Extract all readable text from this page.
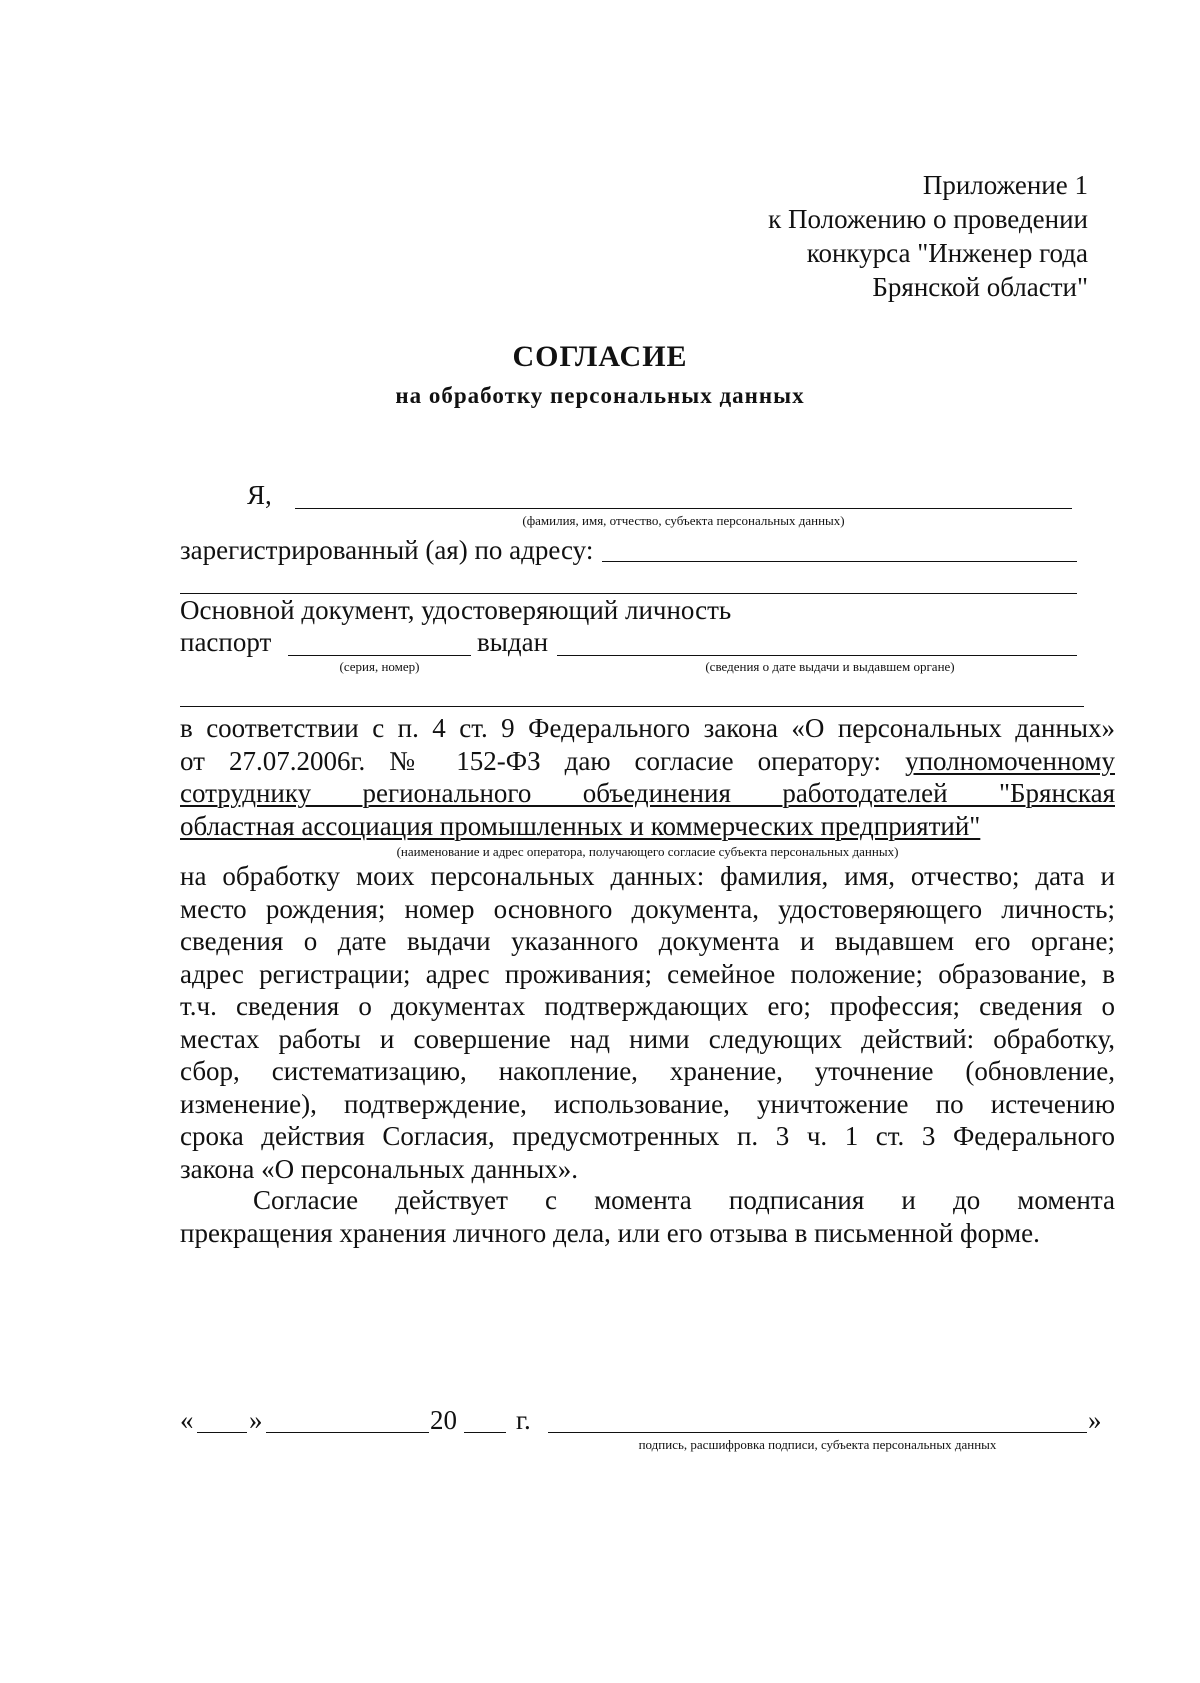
Приложение 1
к Положению о проведении
конкурса "Инженер года
Брянской области"
СОГЛАСИЕ
на обработку персональных данных
Я,
(фамилия, имя, отчество, субъекта персональных данных)
зарегистрированный (ая) по адресу:
Основной документ, удостоверяющий личность
паспорт	выдан
(серия, номер)	(сведения о дате выдачи и выдавшем органе)
в соответствии с п. 4 ст. 9 Федерального закона «О персональных данных»
от 27.07.2006г. № 152-ФЗ даю согласие оператору: уполномоченному
сотруднику регионального объединения работодателей "Брянская
областная ассоциация промышленных и коммерческих предприятий"
(наименование и адрес оператора, получающего согласие субъекта персональных данных)
на обработку моих персональных данных: фамилия, имя, отчество; дата и
место рождения; номер основного документа, удостоверяющего личность;
сведения о дате выдачи указанного документа и выдавшем его органе;
адрес регистрации; адрес проживания; семейное положение; образование, в
т.ч. сведения о документах подтверждающих его; профессия; сведения о
местах работы и совершение над ними следующих действий: обработку,
сбор, систематизацию, накопление, хранение, уточнение (обновление,
изменение), подтверждение, использование, уничтожение по истечению
срока действия Согласия, предусмотренных п. 3 ч. 1 ст. 3 Федерального
закона «О персональных данных».
Согласие действует с момента подписания и до момента
прекращения хранения личного дела, или его отзыва в письменной форме.
« »	20 г.	»
подпись, расшифровка подписи, субъекта персональных данных
